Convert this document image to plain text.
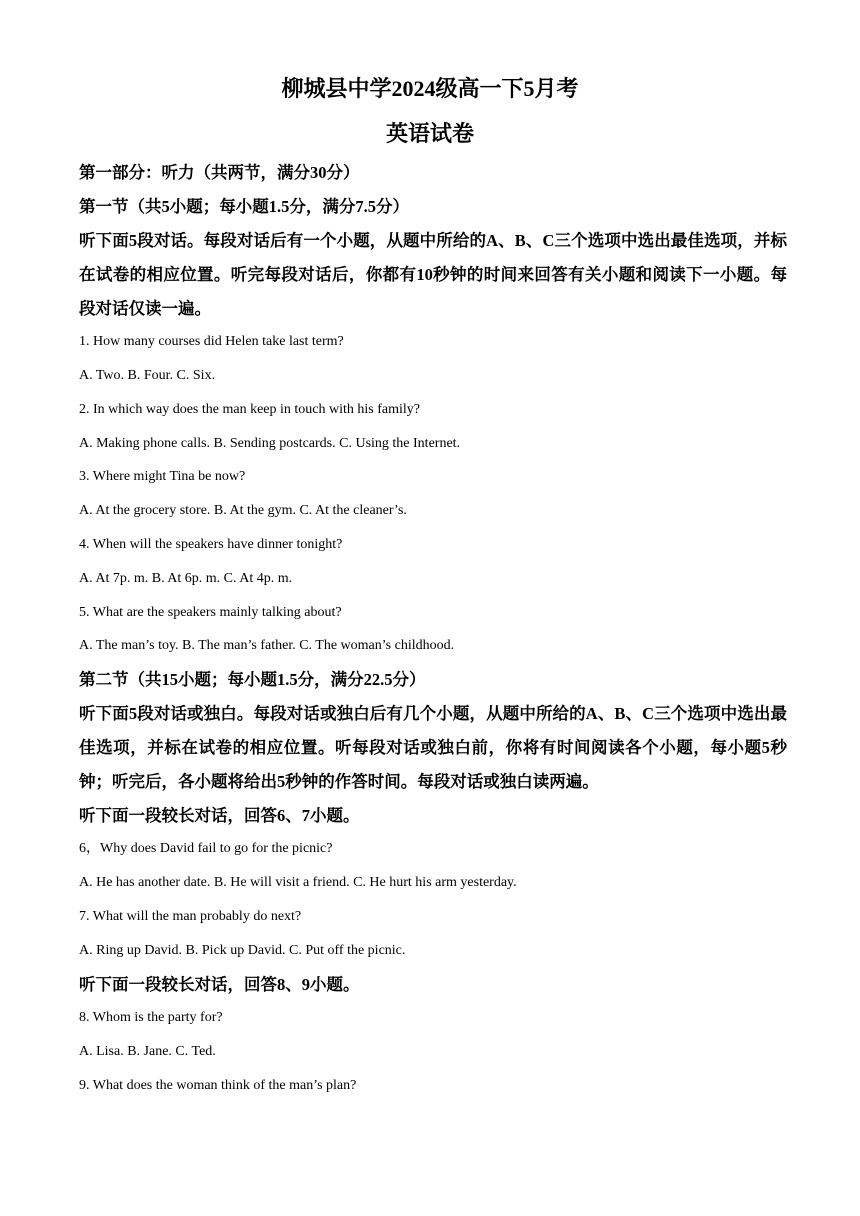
柳城县中学2024级高一下5月考
英语试卷
第一部分：听力（共两节，满分30分）
第一节（共5小题；每小题1.5分，满分7.5分）
听下面5段对话。每段对话后有一个小题，从题中所给的A、B、C三个选项中选出最佳选项，并标在试卷的相应位置。听完每段对话后，你都有10秒钟的时间来回答有关小题和阅读下一小题。每段对话仅读一遍。
1. How many courses did Helen take last term?
A. Two. B. Four. C. Six.
2. In which way does the man keep in touch with his family?
A. Making phone calls. B. Sending postcards. C. Using the Internet.
3. Where might Tina be now?
A. At the grocery store. B. At the gym. C. At the cleaner’s.
4. When will the speakers have dinner tonight?
A. At 7p. m. B. At 6p. m. C. At 4p. m.
5. What are the speakers mainly talking about?
A. The man’s toy. B. The man’s father. C. The woman’s childhood.
第二节（共15小题；每小题1.5分，满分22.5分）
听下面5段对话或独白。每段对话或独白后有几个小题，从题中所给的A、B、C三个选项中选出最佳选项，并标在试卷的相应位置。听每段对话或独白前，你将有时间阅读各个小题，每小题5秒钟；听完后，各小题将给出5秒钟的作答时间。每段对话或独白读两遍。
听下面一段较长对话，回答6、7小题。
6，Why does David fail to go for the picnic?
A. He has another date. B. He will visit a friend. C. He hurt his arm yesterday.
7. What will the man probably do next?
A. Ring up David. B. Pick up David. C. Put off the picnic.
听下面一段较长对话，回答8、9小题。
8. Whom is the party for?
A. Lisa. B. Jane. C. Ted.
9. What does the woman think of the man’s plan?
